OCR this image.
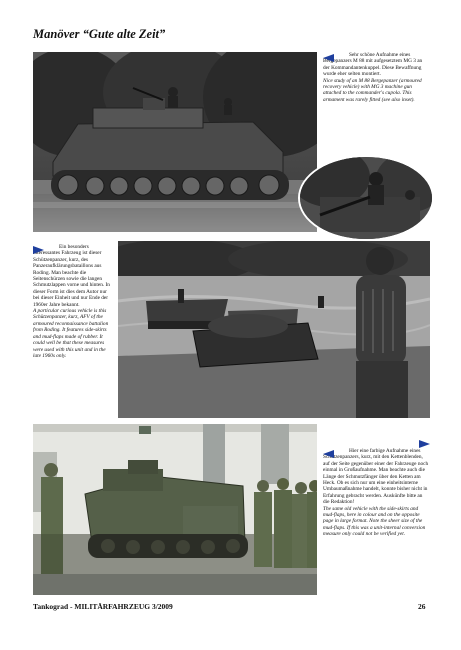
Manöver “Gute alte Zeit”
Sehr schöne Aufnahme eines Bergepanzers M 88 mit aufgesetztem MG 3 an der Kommandantenkuppel. Diese Bewaffnung wurde eher selten montiert.
Nice study of an M 88 Bergepanzer (armoured recovery vehicle) with MG 3 machine gun attached to the commander's cupola. This armament was rarely fitted (see also inset).
Ein besonders interessantes Fahrzeug ist dieser Schützenpanzer, kurz, des Panzeraufklärungsbataillons aus Roding. Man beachte die Seitenschürzen sowie die langen Schmutzlappen vorne und hinten. In dieser Form ist dies dem Autor nur bei dieser Einheit und nur Ende der 1960er Jahre bekannt.
A particular curious vehicle is this Schützenpanzer, kurz, AFV of the armoured reconnaissance battalion from Roding. It features side-skirts and mud-flaps made of rubber. It could well be that these measures were used with this unit and in the late 1960s only.
Hier eine farbige Aufnahme eines Schützenpanzers, kurz, mit den Kettenblenden, auf der Seite gegenüber einer der Fahrzeuge noch einmal in Großaufnahme. Man beachte auch die Länge der Schmutzfänger über den Ketten am Heck. Ob es sich nur um eine einheitsinterne Umbaumaßnahme handelt, konnte bisher nicht in Erfahrung gebracht werden. Auskünfte bitte an die Redaktion!
The same old vehicle with the side-skirts and mud-flaps, here in colour and on the opposite page in large format. Note the sheer size of the mud-flaps. If this was a unit-internal conversion measure only could not be verified yet.
Tankograd - MILITÄRFAHRZEUG 3/2009	26
